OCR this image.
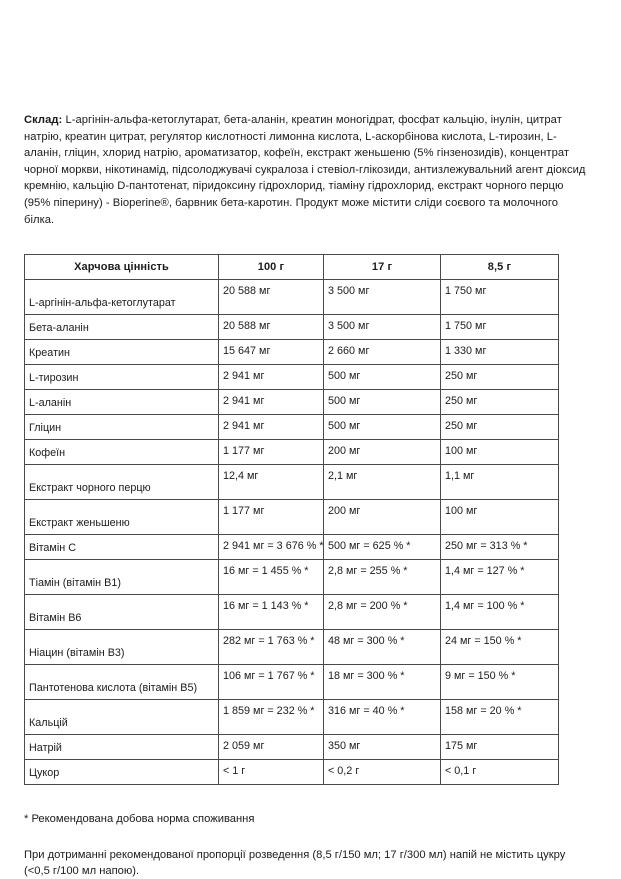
Склад: L-аргінін-альфа-кетоглутарат, бета-аланін, креатин моногідрат, фосфат кальцію, інулін, цитрат натрію, креатин цитрат, регулятор кислотності лимонна кислота, L-аскорбінова кислота, L-тирозин, L-аланін, гліцин, хлорид натрію, ароматизатор, кофеїн, екстракт женьшеню (5% гінзенозидів), концентрат чорної моркви, нікотинамід, підсолоджувачі сукралоза і стевіол-глікозиди, антизлежувальний агент діоксид кремнію, кальцію D-пантотенат, піридоксину гідрохлорид, тіаміну гідрохлорид, екстракт чорного перцю (95% піперину) - Bioperine®, барвник бета-каротин. Продукт може містити сліди соєвого та молочного білка.

Харчова цінність	100 г	17 г	8,5 г
L-аргінін-альфа-кетоглутарат	20 588 мг	3 500 мг	1 750 мг
Бета-аланін	20 588 мг	3 500 мг	1 750 мг
Креатин	15 647 мг	2 660 мг	1 330 мг
L-тирозин	2 941 мг	500 мг	250 мг
L-аланін	2 941 мг	500 мг	250 мг
Гліцин	2 941 мг	500 мг	250 мг
Кофеїн	1 177 мг	200 мг	100 мг
Екстракт чорного перцю	12,4 мг	2,1 мг	1,1 мг
Екстракт женьшеню	1 177 мг	200 мг	100 мг
Вітамін C	2 941 мг = 3 676 % *	500 мг = 625 % *	250 мг = 313 % *
Тіамін (вітамін B1)	16 мг = 1 455 % *	2,8 мг = 255 % *	1,4 мг = 127 % *
Вітамін B6	16 мг = 1 143 % *	2,8 мг = 200 % *	1,4 мг = 100 % *
Ніацин (вітамін B3)	282 мг = 1 763 % *	48 мг = 300 % *	24 мг = 150 % *
Пантотенова кислота (вітамін B5)	106 мг = 1 767 % *	18 мг = 300 % *	9 мг = 150 % *
Кальцій	1 859 мг = 232 % *	316 мг = 40 % *	158 мг = 20 % *
Натрій	2 059 мг	350 мг	175 мг
Цукор	< 1 г	< 0,2 г	< 0,1 г

* Рекомендована добова норма споживання

При дотриманні рекомендованої пропорції розведення (8,5 г/150 мл; 17 г/300 мл) напій не містить цукру (<0,5 г/100 мл напою).
